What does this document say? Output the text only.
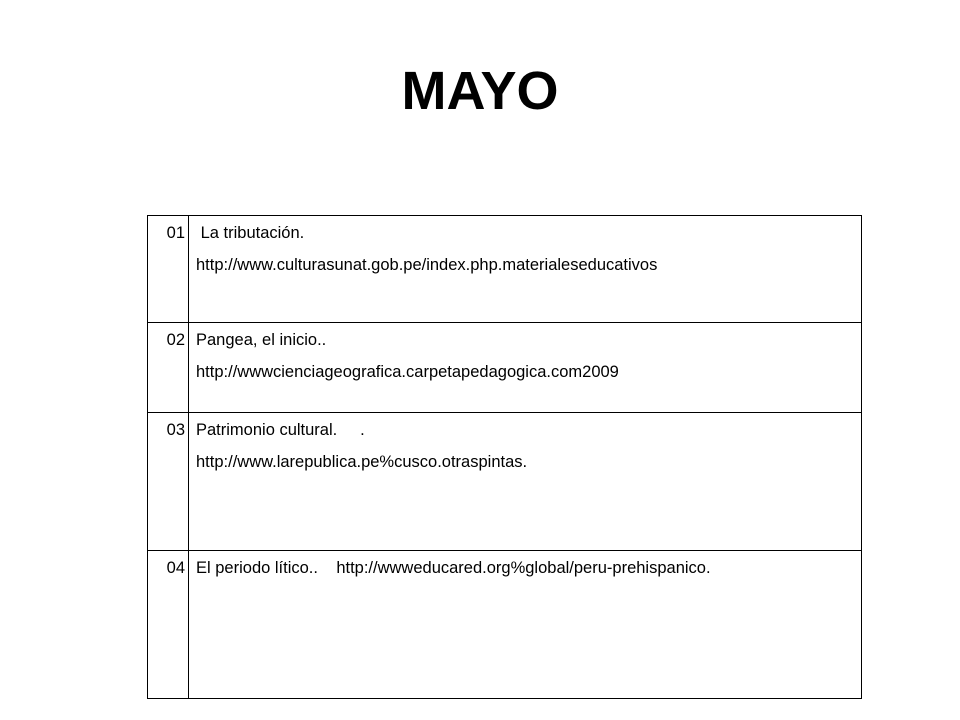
MAYO
01	La tributación.
http://www.culturasunat.gob.pe/index.php.materialeseducativos

02	Pangea, el inicio..
http://wwwcienciageografica.carpetapedagogica.com2009

03	Patrimonio cultural.     .
http://www.larepublica.pe%cusco.otraspintas.

04	El periodo lítico..    http://wwweducared.org%global/peru-prehispanico.
